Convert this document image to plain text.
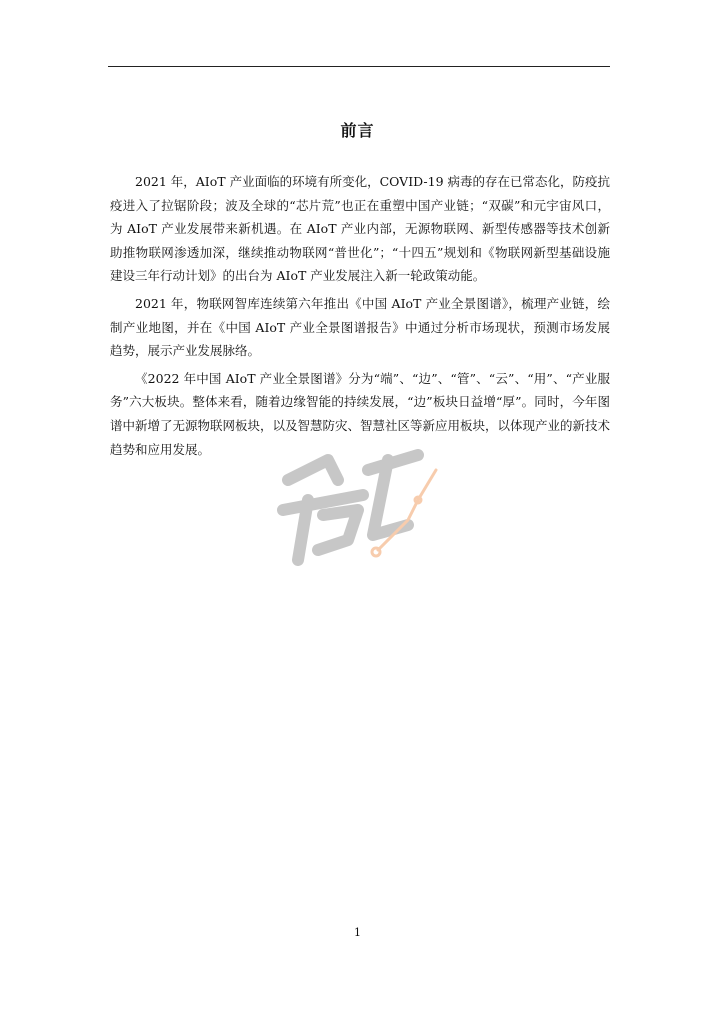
前言

2021 年，AIoT 产业面临的环境有所变化，COVID-19 病毒的存在已常态化，防疫抗疫进入了拉锯阶段；波及全球的“芯片荒”也正在重塑中国产业链；“双碳”和元宇宙风口，为 AIoT 产业发展带来新机遇。在 AIoT 产业内部，无源物联网、新型传感器等技术创新助推物联网渗透加深，继续推动物联网“普世化”；“十四五”规划和《物联网新型基础设施建设三年行动计划》的出台为 AIoT 产业发展注入新一轮政策动能。

2021 年，物联网智库连续第六年推出《中国 AIoT 产业全景图谱》，梳理产业链，绘制产业地图，并在《中国 AIoT 产业全景图谱报告》中通过分析市场现状，预测市场发展趋势，展示产业发展脉络。

《2022 年中国 AIoT 产业全景图谱》分为“端”、“边”、“管”、“云”、“用”、“产业服务”六大板块。整体来看，随着边缘智能的持续发展，“边”板块日益增“厚”。同时，今年图谱中新增了无源物联网板块，以及智慧防灾、智慧社区等新应用板块，以体现产业的新技术趋势和应用发展。

1
